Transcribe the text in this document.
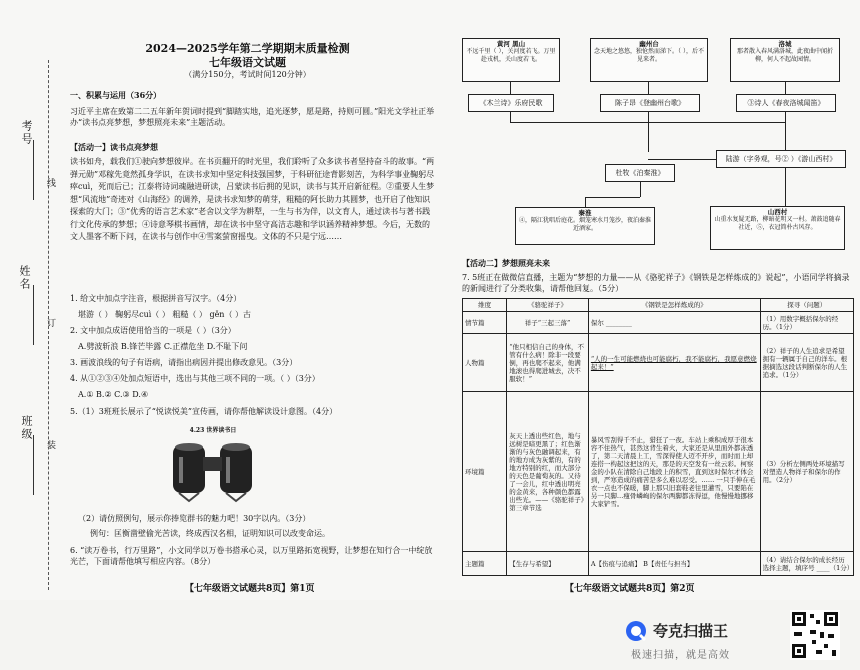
考号
姓名
班级
线
订
装
2024—2025学年第二学期期末质量检测
七年级语文试题
（满分150分，考试时间120分钟）
一、积累与运用（36分）
习近平主席在致第二二五年新年贺词时提到“脚踏实地，追光逐梦，愿是路，持则可圆。”阳光文学社正举办“读书点亮梦想，梦想照亮未来”主题活动。
【活动一】读书点亮梦想
读书如舟，载我们①驶向梦想彼岸。在书页翻开的时光里，我们聆听了众多读书者坚持奋斗的故事。“两弹元勋”邓稼先竟然孤身学识，在读书求知中坚定科技强国梦，于科研征途背影刻苦，为科学事业鞠躬尽瘁cuì，死而后已；江泰将诗词魂融进研读，吕蒙读书后拥的见识，读书与其开启新征程。②重要人生梦想“风流地”奇迹对《山海经》的调养，是读书求知梦的萌芽，粗糙的阿长助力其圆梦，也开启了他知识探索的大门；③“优秀的语言艺术家”老舍以文学为耕犁，一生与书为伴，以文育人，通过读书与著书践行文化传承的梦想；④诗意琴棋书画情，却在读书中坚守高洁志趣和学识涵养精神梦想。今后，无数的文人墨客不断下问，在读书与创作中④雪案萤窗摇曳。文体的不只是宁远……
1. 给文中加点字注音，根据拼音写汉字。（4分）
堪游（ ） 鞠躬尽cuì（ ） 粗糙（ ） gěn（ ）古
2. 文中加点成语使用恰当的一项是（ ）（3分）
A.劈波斩浪 B.锋芒毕露 C.正襟危坐 D.不耻下问
3. 画波浪线的句子有语病，请指出病因并提出修改意见。（3分）
4. 从①②③④处加点短语中，选出与其他三项不同的一项。（ ）（3分）
A.① B.② C.③ D.④
5.（1）3班班长展示了“悦读悦美”宣传画，请你帮他解读设计意图。（4分）
4.23 世界读书日
（2）请仿照例句，展示你捧览群书的魅力吧！30字以内。（3分）
例句：匡衡凿壁偷光苦读，终成西汉名相，证明知识可以改变命运。
6. “读万卷书，行万里路”，小文同学以万卷书搭承心灵，以万里路拓宽视野，让梦想在知行合一中绽放光芒，下面请帮他填写相应内容。（8分）
【七年级语文试题共8页】第1页
黄河 黑山
不远千里（ ），关河度若飞。万里赴戎机，关山度若飞。
幽州台
念天地之悠悠，独怆然而涕下。（ ），后不见来者。
洛城
那者散入春风满洛城，此夜曲中闻折柳，何人不起故园情。
《木兰诗》乐府民歌	陈子昂《登幽州台歌》	③诗人《春夜洛城闻笛》
陆游（字务观，号② ）《游山西村》
杜牧《泊秦淮》
秦淮
④，隔江犹唱后庭花。烟笼寒水月笼沙，夜泊秦淮近酒家。
山西村
山重水复疑无路，柳暗花明又一村。萧鼓追随春社近，⑤，衣冠简朴古风存。
【活动二】梦想照亮未来
7. 5班正在做微信直播，主题为“梦想的力量——从《骆驼祥子》《钢铁是怎样炼成的》说起”，小语同学将摘录的新闻进行了分类收集，请帮他回复。（5分）
维度	《骆驼祥子》	《钢铁是怎样炼成的》	探寻（问题）
情节篇	祥子“三起三落”	保尔 ________	（1）用数字概括保尔的经历。（1分）
人物篇	“他只相信自己的身体，不管有什么病！除非一段要倒，再也爬不起来，他满地滚也得爬进城去，决不服软！”	“人的一生可能燃烧也可能腐朽，我不能腐朽，我愿意燃烧起来！”	（2）祥子的人生追求是希望拥有一辆属于自己的洋车。根据摘选这段话判断保尔的人生追求。（1分）
环境篇	灰天上透出些红色，地与远树是暗更黑了；红色渐渐的与灰色融调起来，有的地方成为灰紫的，有的地方特别的红，而大部分的天色是葡萄灰的。又待了一会儿，红中透出明亮的金黄来，各种颜色都露出些光。——《骆驼祥子》第三章节选	暴风雪刮得千不止，猎狂了一夜。车站上乘积成厚于很本容不住热气，甚然这背生着火，大家还是从里面外都冻透了，第二天清晨上工，雪深得使人迈不开步，而时而上却连搭一构起这把这的天，那是的天空发有一丝云彩。柯察金的小队在清除自己地段上的积雪，直到这时保尔才体会到，严寒造成的痛苦是多么难以忍受。…… 一只手伸在毛衣一点也不保暖，脚上那只旧套鞋老往里灌雪，只要陷在另一只脚…瘦骨嶙峋的保尔两脚都冻得逗，他慢慢地挪移大家铲雪。	（3）分析左侧两处环境描写对塑造人物祥子和保尔的作用。（2分）
主题篇	【生存与希望】	A【伤痕与追痛】 B【责任与担当】	（4）请结合保尔的成长经历选择主题，填序号 ____（1分）
【七年级语文试题共8页】第2页
夸克扫描王
极速扫描，就是高效
